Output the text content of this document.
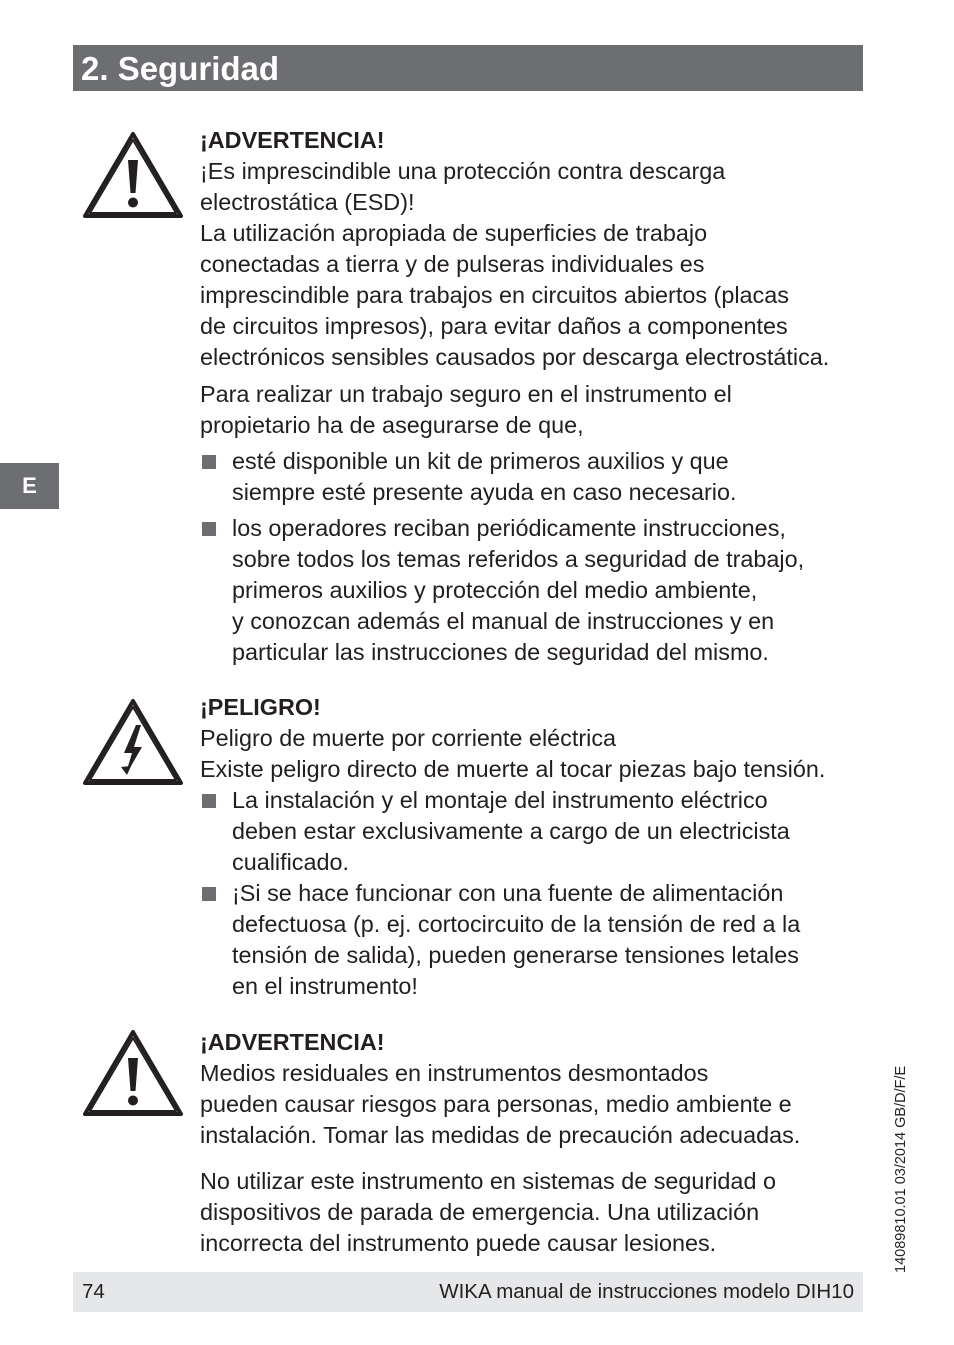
2. Seguridad
E

¡ADVERTENCIA!

¡Es imprescindible una protección contra descarga

electrostática (ESD)!

La utilización apropiada de superficies de trabajo

conectadas a tierra y de pulseras individuales es

imprescindible para trabajos en circuitos abiertos (placas

de circuitos impresos), para evitar daños a componentes

electrónicos sensibles causados por descarga electrostática.

Para realizar un trabajo seguro en el instrumento el

propietario ha de asegurarse de que,

esté disponible un kit de primeros auxilios y que
siempre esté presente ayuda en caso necesario.
los operadores reciban periódicamente instrucciones,
sobre todos los temas referidos a seguridad de trabajo,
primeros auxilios y protección del medio ambiente,
y conozcan además el manual de instrucciones y en
particular las instrucciones de seguridad del mismo.

¡PELIGRO!

Peligro de muerte por corriente eléctrica

Existe peligro directo de muerte al tocar piezas bajo tensión.

La instalación y el montaje del instrumento eléctrico
deben estar exclusivamente a cargo de un electricista
cualificado.
¡Si se hace funcionar con una fuente de alimentación
defectuosa (p. ej. cortocircuito de la tensión de red a la
tensión de salida), pueden generarse tensiones letales
en el instrumento!

¡ADVERTENCIA!

Medios residuales en instrumentos desmontados

pueden causar riesgos para personas, medio ambiente e

instalación. Tomar las medidas de precaución adecuadas.

No utilizar este instrumento en sistemas de seguridad o

dispositivos de parada de emergencia. Una utilización

incorrecta del instrumento puede causar lesiones.	14089810.01 03/2014 GB/D/F/E
74	WIKA manual de instrucciones modelo DIH10
